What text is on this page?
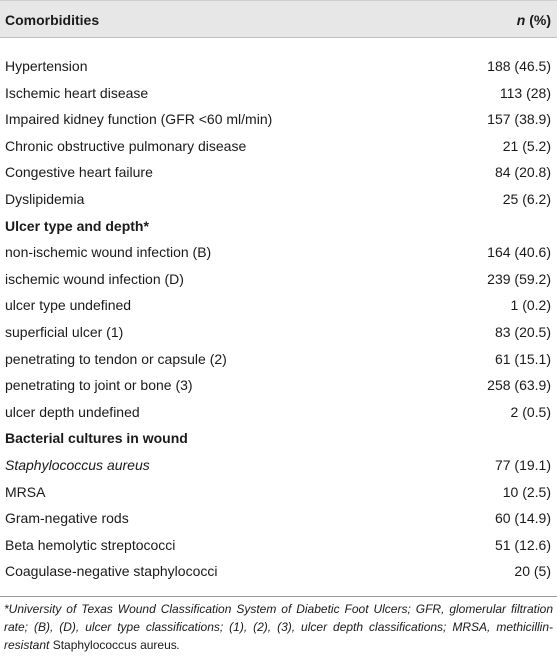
Comorbidities	n (%)
Hypertension	188 (46.5)
Ischemic heart disease	113 (28)
Impaired kidney function (GFR <60 ml/min)	157 (38.9)
Chronic obstructive pulmonary disease	21 (5.2)
Congestive heart failure	84 (20.8)
Dyslipidemia	25 (6.2)
Ulcer type and depth*
non-ischemic wound infection (B)	164 (40.6)
ischemic wound infection (D)	239 (59.2)
ulcer type undefined	1 (0.2)
superficial ulcer (1)	83 (20.5)
penetrating to tendon or capsule (2)	61 (15.1)
penetrating to joint or bone (3)	258 (63.9)
ulcer depth undefined	2 (0.5)
Bacterial cultures in wound
Staphylococcus aureus	77 (19.1)
MRSA	10 (2.5)
Gram-negative rods	60 (14.9)
Beta hemolytic streptococci	51 (12.6)
Coagulase-negative staphylococci	20 (5)
*University of Texas Wound Classification System of Diabetic Foot Ulcers; GFR, glomerular filtration rate; (B), (D), ulcer type classifications; (1), (2), (3), ulcer depth classifications; MRSA, methicillin-resistant Staphylococcus aureus.
